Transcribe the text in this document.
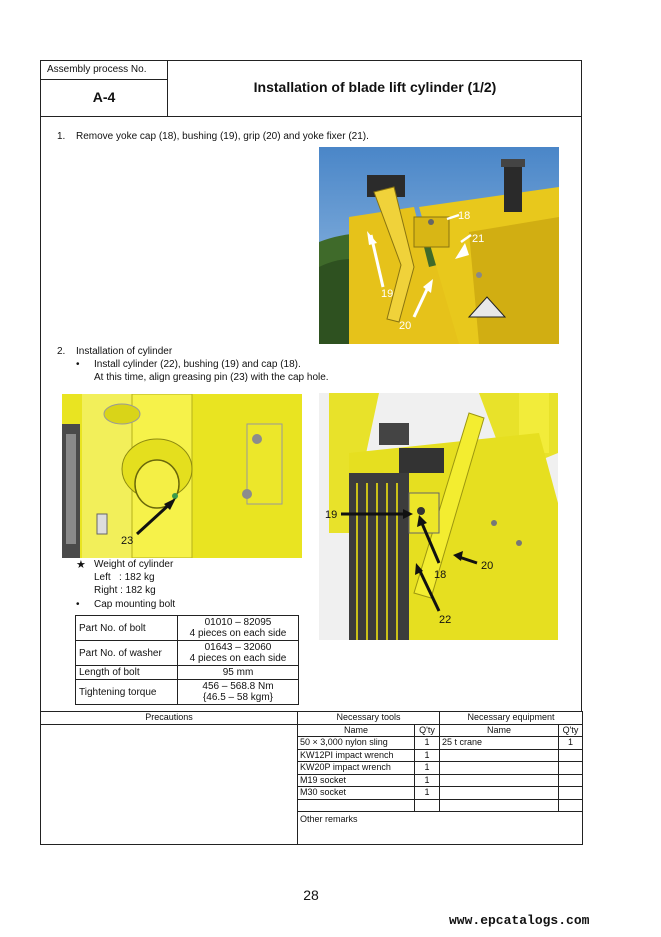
Assembly process No.
A-4
Installation of blade lift cylinder (1/2)
1. Remove yoke cap (18), bushing (19), grip (20) and yoke fixer (21).
18
21
19
20
2. Installation of cylinder
• Install cylinder (22), bushing (19) and cap (18).
At this time, align greasing pin (23) with the cap hole.
23
19
18
20
22
★ Weight of cylinder
Left   : 182 kg
Right : 182 kg
• Cap mounting bolt
Part No. of bolt	01010 – 82095
4 pieces on each side

Part No. of washer	01643 – 32060
4 pieces on each side

Length of bolt	95 mm
Tightening torque	456 – 568.8 Nm
{46.5 – 58 kgm}
Precautions	Necessary tools		Necessary equipment	
	Name	Q'ty	Name	Q'ty
	50 × 3,000 nylon sling	1	25 t crane	1
	KW12PI impact wrench	1		
	KW20P impact wrench	1		
	M19 socket	1		
	M30 socket	1		

	Other remarks			
28
www.epcatalogs.com
